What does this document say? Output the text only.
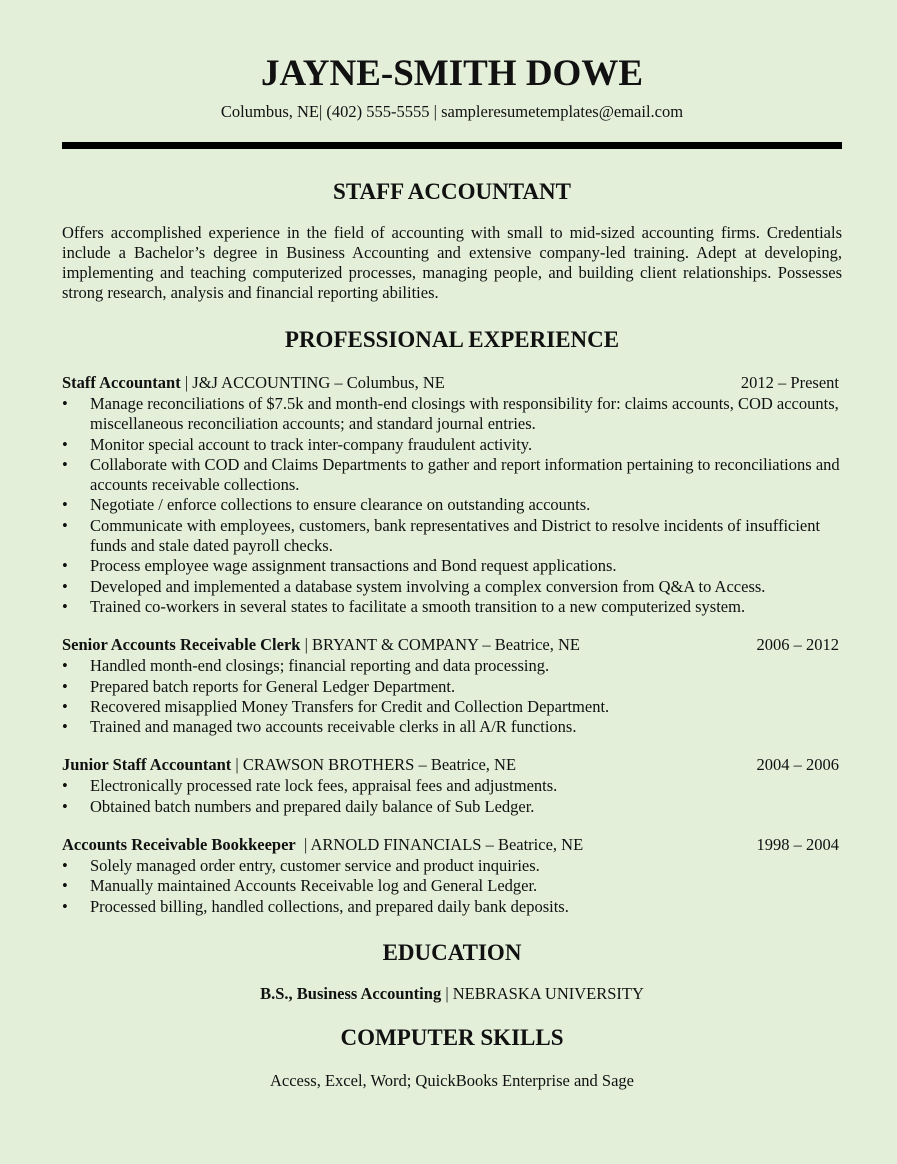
JAYNE-SMITH DOWE
Columbus, NE| (402) 555-5555 | sampleresumetemplates@email.com
STAFF ACCOUNTANT
Offers accomplished experience in the field of accounting with small to mid-sized accounting firms. Credentials include a Bachelor’s degree in Business Accounting and extensive company-led training. Adept at developing, implementing and teaching computerized processes, managing people, and building client relationships. Possesses strong research, analysis and financial reporting abilities.
PROFESSIONAL EXPERIENCE
Staff Accountant | J&J ACCOUNTING – Columbus, NE	2012 – Present
• Manage reconciliations of $7.5k and month-end closings with responsibility for: claims accounts, COD accounts, miscellaneous reconciliation accounts; and standard journal entries.
• Monitor special account to track inter-company fraudulent activity.
• Collaborate with COD and Claims Departments to gather and report information pertaining to reconciliations and accounts receivable collections.
• Negotiate / enforce collections to ensure clearance on outstanding accounts.
• Communicate with employees, customers, bank representatives and District to resolve incidents of insufficient funds and stale dated payroll checks.
• Process employee wage assignment transactions and Bond request applications.
• Developed and implemented a database system involving a complex conversion from Q&A to Access.
• Trained co-workers in several states to facilitate a smooth transition to a new computerized system.
Senior Accounts Receivable Clerk | BRYANT & COMPANY – Beatrice, NE	2006 – 2012
• Handled month-end closings; financial reporting and data processing.
• Prepared batch reports for General Ledger Department.
• Recovered misapplied Money Transfers for Credit and Collection Department.
• Trained and managed two accounts receivable clerks in all A/R functions.
Junior Staff Accountant | CRAWSON BROTHERS – Beatrice, NE	2004 – 2006
• Electronically processed rate lock fees, appraisal fees and adjustments.
• Obtained batch numbers and prepared daily balance of Sub Ledger.
Accounts Receivable Bookkeeper  | ARNOLD FINANCIALS – Beatrice, NE	1998 – 2004
• Solely managed order entry, customer service and product inquiries.
• Manually maintained Accounts Receivable log and General Ledger.
• Processed billing, handled collections, and prepared daily bank deposits.
EDUCATION
B.S., Business Accounting | NEBRASKA UNIVERSITY
COMPUTER SKILLS
Access, Excel, Word; QuickBooks Enterprise and Sage
